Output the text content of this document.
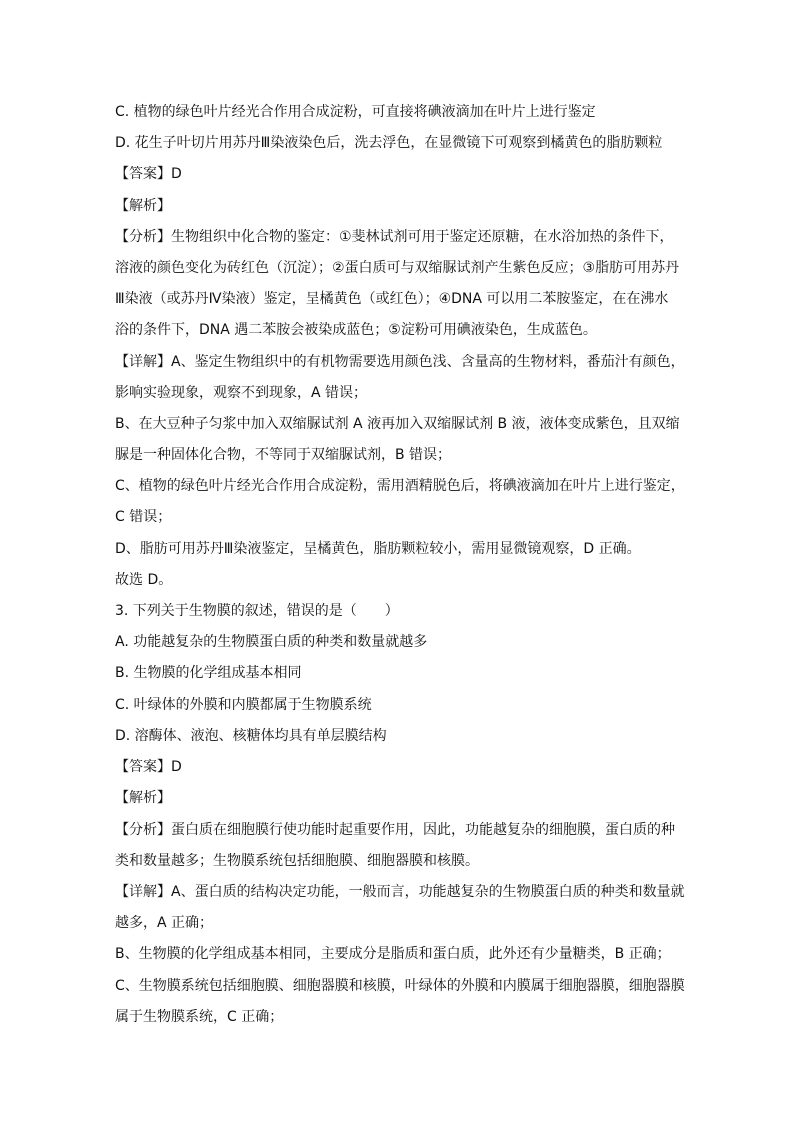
C. 植物的绿色叶片经光合作用合成淀粉，可直接将碘液滴加在叶片上进行鉴定
D. 花生子叶切片用苏丹Ⅲ染液染色后，洗去浮色，在显微镜下可观察到橘黄色的脂肪颗粒
【答案】D
【解析】
【分析】生物组织中化合物的鉴定：①斐林试剂可用于鉴定还原糖，在水浴加热的条件下，
溶液的颜色变化为砖红色（沉淀）；②蛋白质可与双缩脲试剂产生紫色反应；③脂肪可用苏丹
Ⅲ染液（或苏丹Ⅳ染液）鉴定，呈橘黄色（或红色）；④DNA 可以用二苯胺鉴定，在在沸水
浴的条件下，DNA 遇二苯胺会被染成蓝色；⑤淀粉可用碘液染色，生成蓝色。
【详解】A、鉴定生物组织中的有机物需要选用颜色浅、含量高的生物材料，番茄汁有颜色，
影响实验现象，观察不到现象，A 错误；
B、在大豆种子匀浆中加入双缩脲试剂 A 液再加入双缩脲试剂 B 液，液体变成紫色，且双缩
脲是一种固体化合物，不等同于双缩脲试剂，B 错误；
C、植物的绿色叶片经光合作用合成淀粉，需用酒精脱色后，将碘液滴加在叶片上进行鉴定，
C 错误；
D、脂肪可用苏丹Ⅲ染液鉴定，呈橘黄色，脂肪颗粒较小，需用显微镜观察，D 正确。
故选 D。
3. 下列关于生物膜的叙述，错误的是（　　）
A. 功能越复杂的生物膜蛋白质的种类和数量就越多
B. 生物膜的化学组成基本相同
C. 叶绿体的外膜和内膜都属于生物膜系统
D. 溶酶体、液泡、核糖体均具有单层膜结构
【答案】D
【解析】
【分析】蛋白质在细胞膜行使功能时起重要作用，因此，功能越复杂的细胞膜，蛋白质的种
类和数量越多；生物膜系统包括细胞膜、细胞器膜和核膜。
【详解】A、蛋白质的结构决定功能，一般而言，功能越复杂的生物膜蛋白质的种类和数量就
越多，A 正确；
B、生物膜的化学组成基本相同，主要成分是脂质和蛋白质，此外还有少量糖类，B 正确；
C、生物膜系统包括细胞膜、细胞器膜和核膜，叶绿体的外膜和内膜属于细胞器膜，细胞器膜
属于生物膜系统，C 正确；
